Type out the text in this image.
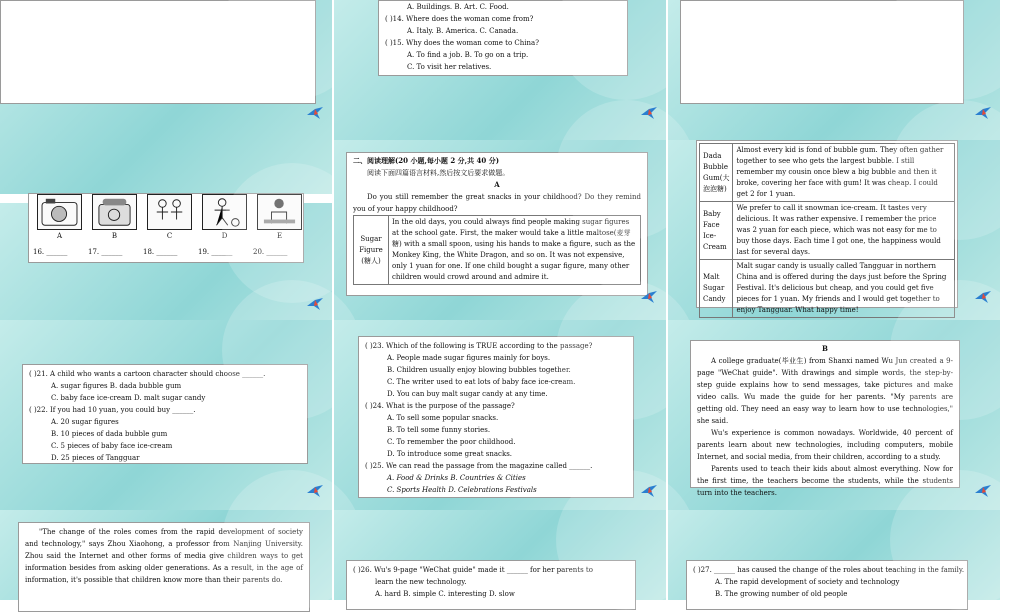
A. Buildings. B. Art. C. Food.
( )14. Where does the woman come from?
A. Italy. B. America. C. Canada.
( )15. Why does the woman come to China?
A. To find a job. B. To go on a trip.
C. To visit her relatives.
A	B	C	D	E
16. ______	17. ______	18. ______	19. ______	20. ______
二、阅读理解(20 小题,每小题 2 分,共 40 分)
阅读下面四篇语言材料,然后按文后要求做题。
A
Do you still remember the great snacks in your childhood? Do they remind you of your happy childhood?
Sugar Figure (糖人)	In the old days, you could always find people making sugar figures at the school gate. First, the maker would take a little maltose(麦芽糖) with a small spoon, using his hands to make a figure, such as the Monkey King, the White Dragon, and so on. It was not expensive, only 1 yuan for one. If one child bought a sugar figure, many other children would crowd around and admire it.
Dada Bubble Gum(大泡泡糖)	Almost every kid is fond of bubble gum. They often gather together to see who gets the largest bubble. I still remember my cousin once blew a big bubble and then it broke, covering her face with gum! It was cheap. I could get 2 for 1 yuan.
Baby Face Ice-Cream	We prefer to call it snowman ice-cream. It tastes very delicious. It was rather expensive. I remember the price was 2 yuan for each piece, which was not easy for me to buy those days. Each time I got one, the happiness would last for several days.
Malt Sugar Candy	Malt sugar candy is usually called Tangguar in northern China and is offered during the days just before the Spring Festival. It's delicious but cheap, and you could get five pieces for 1 yuan. My friends and I would get together to enjoy Tangguar. What happy time!
( )21. A child who wants a cartoon character should choose ______.
A. sugar figures B. dada bubble gum
C. baby face ice-cream D. malt sugar candy
( )22. If you had 10 yuan, you could buy ______.
A. 20 sugar figures
B. 10 pieces of dada bubble gum
C. 5 pieces of baby face ice-cream
D. 25 pieces of Tangguar
( )23. Which of the following is TRUE according to the passage?
A. People made sugar figures mainly for boys.
B. Children usually enjoy blowing bubbles together.
C. The writer used to eat lots of baby face ice-cream.
D. You can buy malt sugar candy at any time.
( )24. What is the purpose of the passage?
A. To sell some popular snacks.
B. To tell some funny stories.
C. To remember the poor childhood.
D. To introduce some great snacks.
( )25. We can read the passage from the magazine called ______.
A. Food & Drinks B. Countries & Cities
C. Sports Health D. Celebrations Festivals
B
A college graduate(毕业生) from Shanxi named Wu Jun created a 9-page "WeChat guide". With drawings and simple words, the step-by-step guide explains how to send messages, take pictures and make video calls. Wu made the guide for her parents. "My parents are getting old. They need an easy way to learn how to use technologies," she said.
Wu's experience is common nowadays. Worldwide, 40 percent of parents learn about new technologies, including computers, mobile Internet, and social media, from their children, according to a study.
Parents used to teach their kids about almost everything. Now for the first time, the teachers become the students, while the students turn into the teachers.
"The change of the roles comes from the rapid development of society and technology," says Zhou Xiaohong, a professor from Nanjing University. Zhou said the Internet and other forms of media give children ways to get information besides from asking older generations. As a result, in the age of information, it's possible that children know more than their parents do.
( )26. Wu's 9-page "WeChat guide" made it ______ for her parents to
learn the new technology.
A. hard B. simple C. interesting D. slow
( )27. ______ has caused the change of the roles about teaching in the family.
A. The rapid development of society and technology
B. The growing number of old people
